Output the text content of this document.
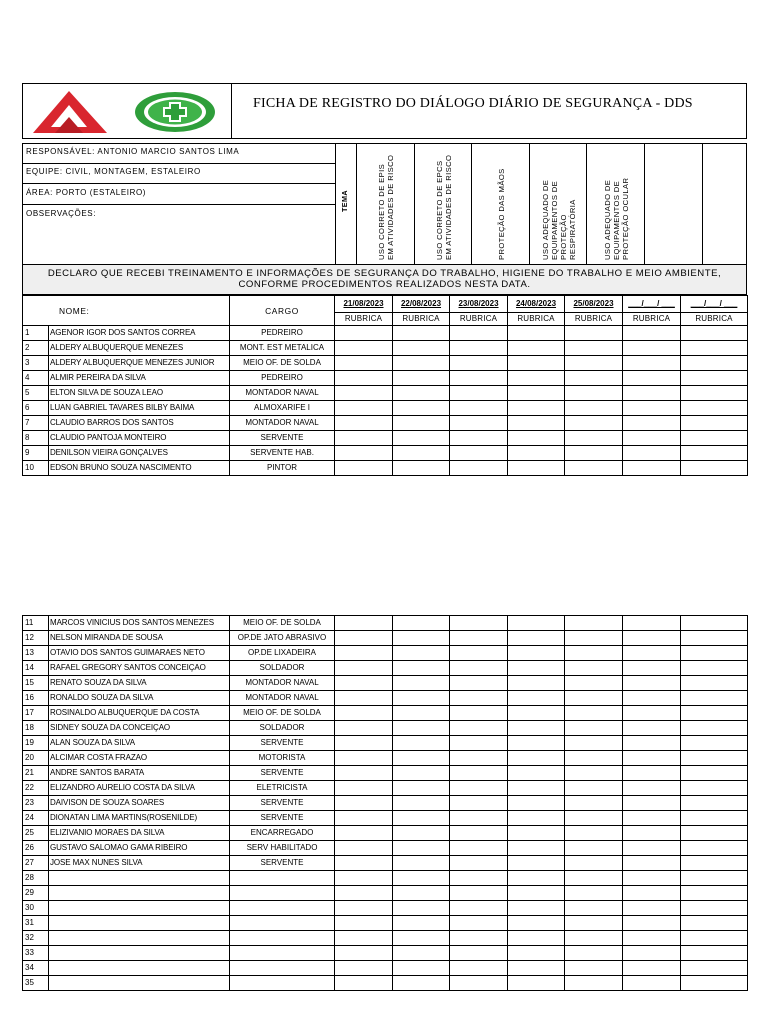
FICHA DE REGISTRO DO DIÁLOGO DIÁRIO DE SEGURANÇA - DDS
RESPONSÁVEL: ANTONIO MARCIO SANTOS LIMA
EQUIPE: CIVIL, MONTAGEM, ESTALEIRO
ÁREA: PORTO (ESTALEIRO)
OBSERVAÇÕES:
TEMA	USO CORRETO DE EPIS EM ATIVIDADES DE RISCO	USO CORRETO DE EPCS EM ATIVIDADES DE RISCO	PROTEÇÃO DAS MÃOS	USO ADEQUADO DE EQUIPAMENTOS DE PROTEÇÃO RESPIRATÓRIA	USO ADEQUADO DE EQUIPAMENTOS DE PROTEÇÃO OCULAR
DECLARO QUE RECEBI TREINAMENTO E INFORMAÇÕES DE SEGURANÇA DO TRABALHO, HIGIENE DO TRABALHO E MEIO AMBIENTE,
CONFORME PROCEDIMENTOS REALIZADOS NESTA DATA.
NOME:		CARGO	21/08/2023	22/08/2023	23/08/2023	24/08/2023	25/08/2023	___/___/ ___	___/___/ ___
			RUBRICA	RUBRICA	RUBRICA	RUBRICA	RUBRICA	RUBRICA	RUBRICA
1	AGENOR IGOR DOS SANTOS CORREA	PEDREIRO							
2	ALDERY ALBUQUERQUE MENEZES	MONT. EST METALICA							
3	ALDERY ALBUQUERQUE MENEZES JUNIOR	MEIO OF. DE SOLDA							
4	ALMIR PEREIRA DA SILVA	PEDREIRO							
5	ELTON SILVA DE SOUZA LEAO	MONTADOR NAVAL							
6	LUAN GABRIEL TAVARES BILBY BAIMA	ALMOXARIFE I							
7	CLAUDIO BARROS DOS SANTOS	MONTADOR NAVAL							
8	CLAUDIO PANTOJA MONTEIRO	SERVENTE							
9	DENILSON VIEIRA GONÇALVES	SERVENTE HAB.							
10	EDSON BRUNO SOUZA NASCIMENTO	PINTOR							
11	MARCOS VINICIUS DOS SANTOS MENEZES	MEIO OF. DE SOLDA							
12	NELSON MIRANDA DE SOUSA	OP.DE JATO ABRASIVO							
13	OTAVIO DOS SANTOS GUIMARAES NETO	OP.DE LIXADEIRA							
14	RAFAEL GREGORY SANTOS CONCEIÇAO	SOLDADOR							
15	RENATO SOUZA DA SILVA	MONTADOR NAVAL							
16	RONALDO SOUZA DA SILVA	MONTADOR NAVAL							
17	ROSINALDO ALBUQUERQUE DA COSTA	MEIO OF. DE SOLDA							
18	SIDNEY SOUZA DA CONCEIÇAO	SOLDADOR							
19	ALAN SOUZA DA SILVA	SERVENTE							
20	ALCIMAR COSTA FRAZAO	MOTORISTA							
21	ANDRE SANTOS BARATA	SERVENTE							
22	ELIZANDRO AURELIO COSTA DA SILVA	ELETRICISTA							
23	DAIVISON DE SOUZA SOARES	SERVENTE							
24	DIONATAN LIMA MARTINS(ROSENILDE)	SERVENTE							
25	ELIZIVANIO MORAES DA SILVA	ENCARREGADO							
26	GUSTAVO SALOMAO GAMA RIBEIRO	SERV HABILITADO							
27	JOSE MAX NUNES SILVA	SERVENTE							
28									
29									
30									
31									
32									
33									
34									
35									
